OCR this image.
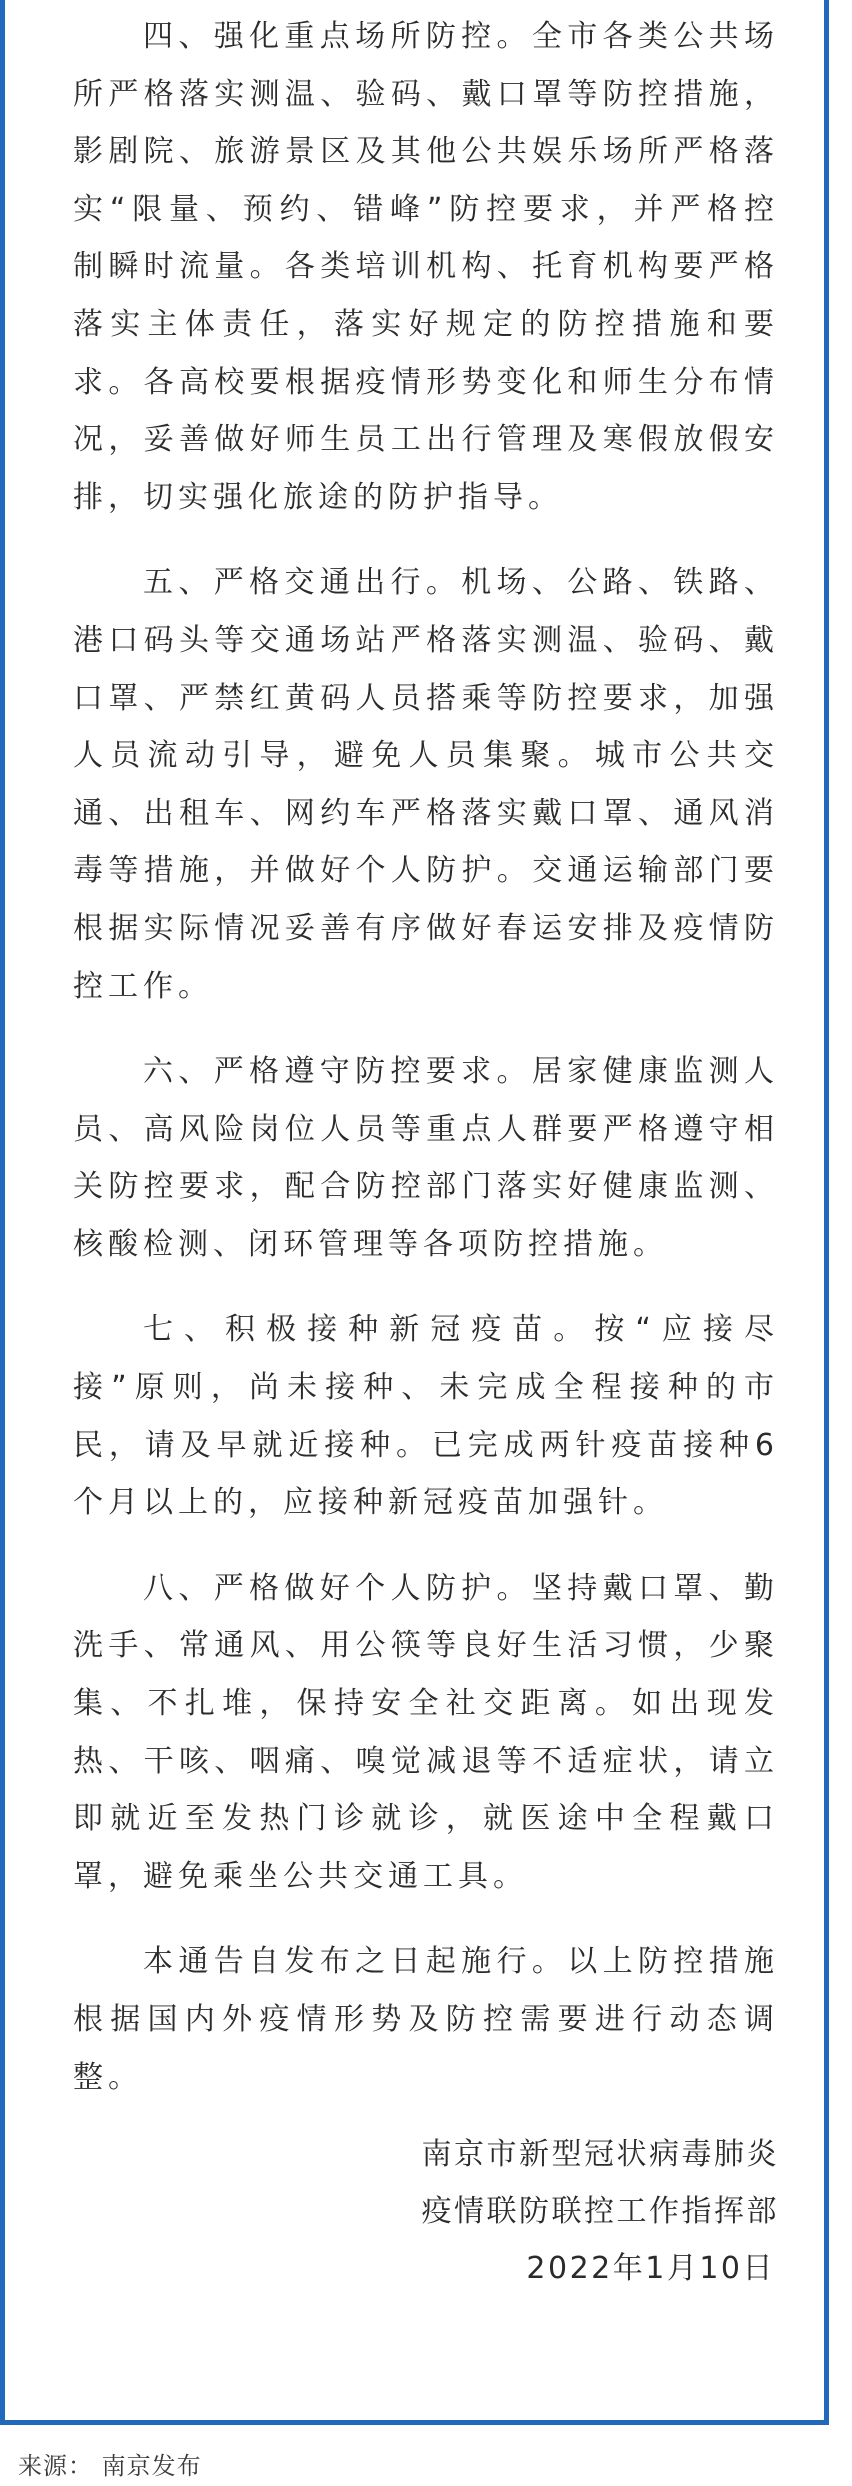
四、强化重点场所防控。全市各类公共场所严格落实测温、验码、戴口罩等防控措施，影剧院、旅游景区及其他公共娱乐场所严格落实“限量、预约、错峰”防控要求，并严格控制瞬时流量。各类培训机构、托育机构要严格落实主体责任，落实好规定的防控措施和要求。各高校要根据疫情形势变化和师生分布情况，妥善做好师生员工出行管理及寒假放假安排，切实强化旅途的防护指导。

五、严格交通出行。机场、公路、铁路、港口码头等交通场站严格落实测温、验码、戴口罩、严禁红黄码人员搭乘等防控要求，加强人员流动引导，避免人员集聚。城市公共交通、出租车、网约车严格落实戴口罩、通风消毒等措施，并做好个人防护。交通运输部门要根据实际情况妥善有序做好春运安排及疫情防控工作。

六、严格遵守防控要求。居家健康监测人员、高风险岗位人员等重点人群要严格遵守相关防控要求，配合防控部门落实好健康监测、核酸检测、闭环管理等各项防控措施。

七、积极接种新冠疫苗。按“应接尽接”原则，尚未接种、未完成全程接种的市民，请及早就近接种。已完成两针疫苗接种6个月以上的，应接种新冠疫苗加强针。

八、严格做好个人防护。坚持戴口罩、勤洗手、常通风、用公筷等良好生活习惯，少聚集、不扎堆，保持安全社交距离。如出现发热、干咳、咽痛、嗅觉减退等不适症状，请立即就近至发热门诊就诊，就医途中全程戴口罩，避免乘坐公共交通工具。

本通告自发布之日起施行。以上防控措施根据国内外疫情形势及防控需要进行动态调整。

南京市新型冠状病毒肺炎
疫情联防联控工作指挥部
2022年1月10日
来源： 南京发布
